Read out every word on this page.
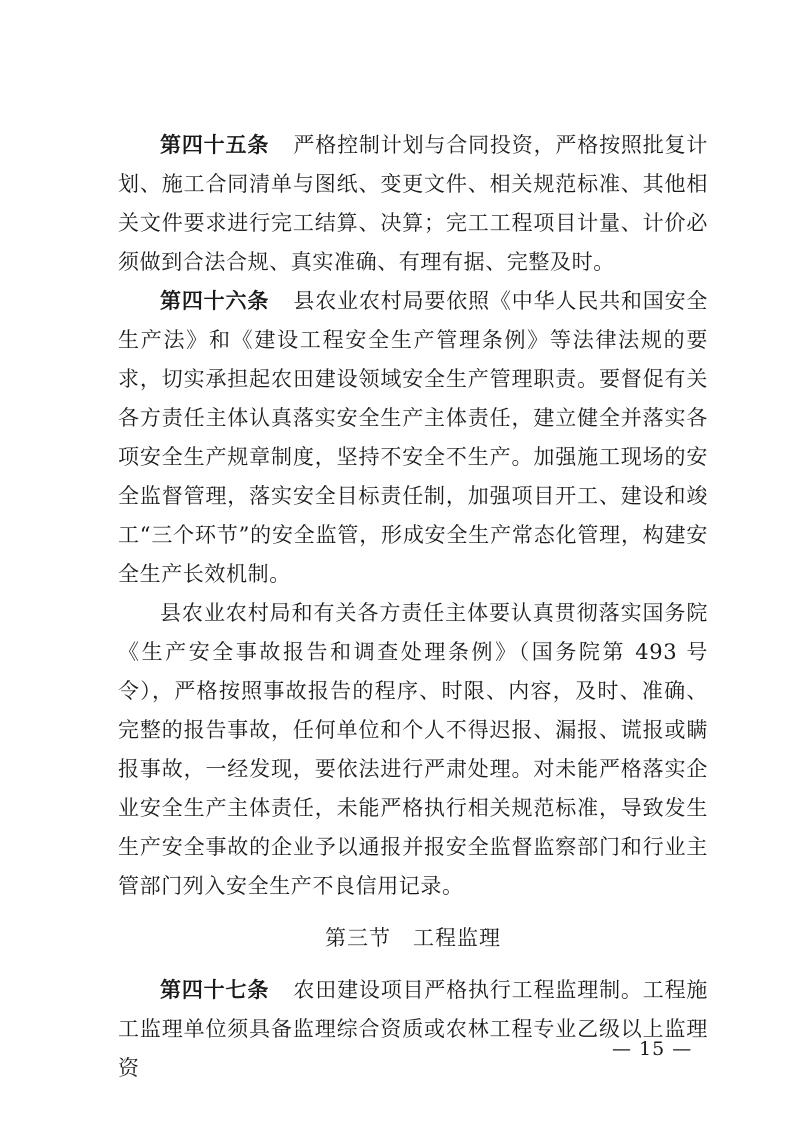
第四十五条 严格控制计划与合同投资，严格按照批复计划、施工合同清单与图纸、变更文件、相关规范标准、其他相关文件要求进行完工结算、决算；完工工程项目计量、计价必须做到合法合规、真实准确、有理有据、完整及时。

第四十六条 县农业农村局要依照《中华人民共和国安全生产法》和《建设工程安全生产管理条例》等法律法规的要求，切实承担起农田建设领域安全生产管理职责。要督促有关各方责任主体认真落实安全生产主体责任，建立健全并落实各项安全生产规章制度，坚持不安全不生产。加强施工现场的安全监督管理，落实安全目标责任制，加强项目开工、建设和竣工“三个环节”的安全监管，形成安全生产常态化管理，构建安全生产长效机制。

县农业农村局和有关各方责任主体要认真贯彻落实国务院《生产安全事故报告和调查处理条例》（国务院第 493 号令），严格按照事故报告的程序、时限、内容，及时、准确、完整的报告事故，任何单位和个人不得迟报、漏报、谎报或瞒报事故，一经发现，要依法进行严肃处理。对未能严格落实企业安全生产主体责任，未能严格执行相关规范标准，导致发生生产安全事故的企业予以通报并报安全监督监察部门和行业主管部门列入安全生产不良信用记录。

第三节　工程监理

第四十七条 农田建设项目严格执行工程监理制。工程施工监理单位须具备监理综合资质或农林工程专业乙级以上监理资

— 15 —
